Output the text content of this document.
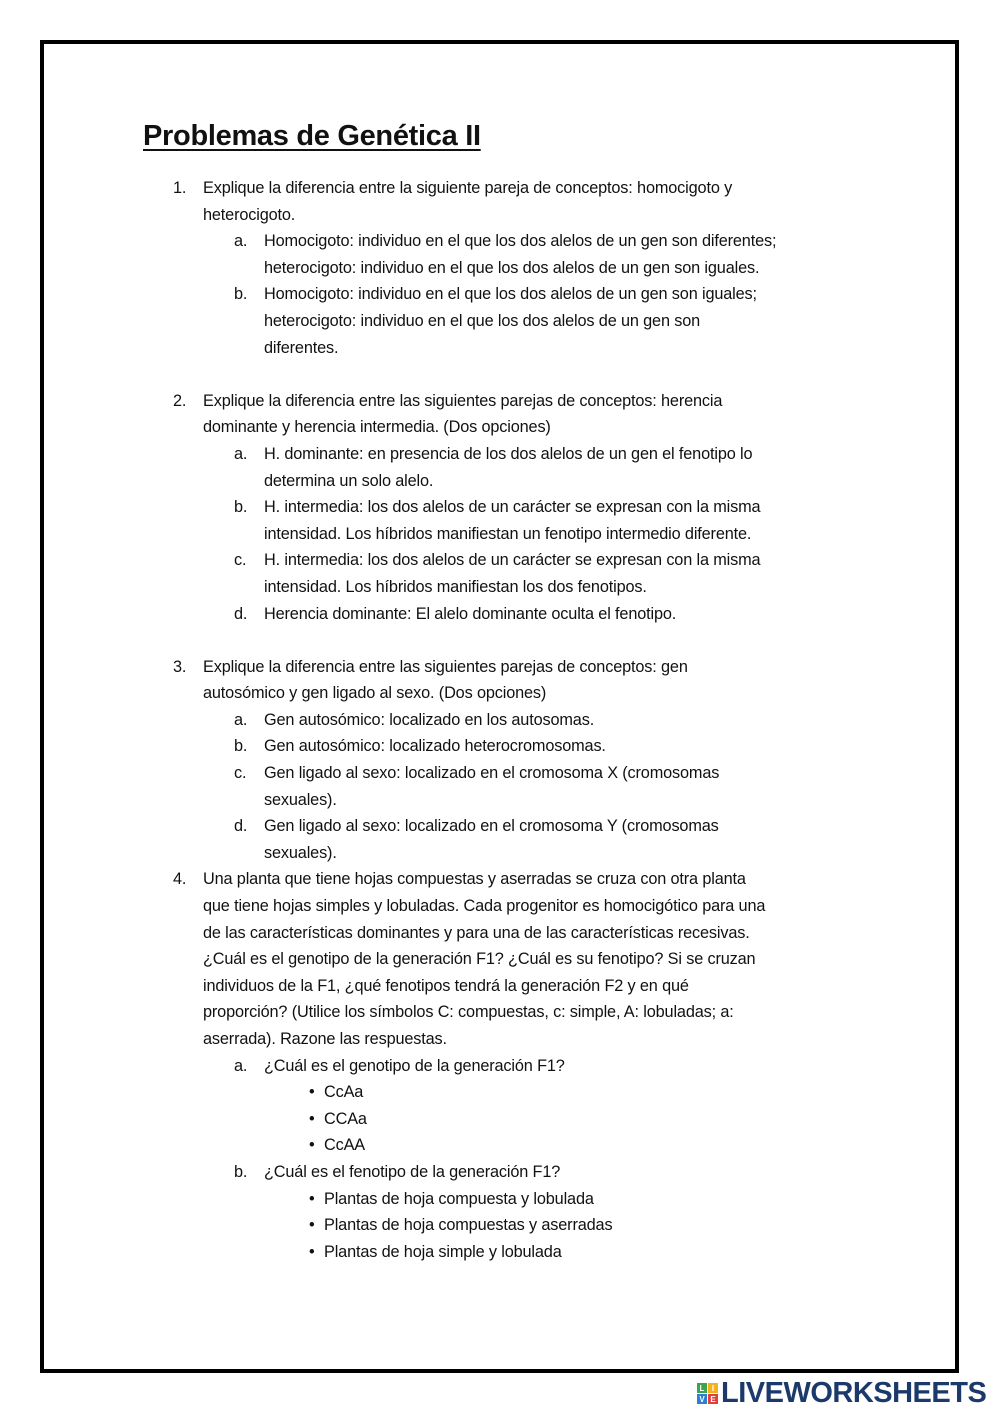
Problemas de Genética II
1. Explique la diferencia entre la siguiente pareja de conceptos: homocigoto y
heterocigoto.
a. Homocigoto: individuo en el que los dos alelos de un gen son diferentes;
heterocigoto: individuo en el que los dos alelos de un gen son iguales.
b. Homocigoto: individuo en el que los dos alelos de un gen son iguales;
heterocigoto: individuo en el que los dos alelos de un gen son
diferentes.
2. Explique la diferencia entre las siguientes parejas de conceptos: herencia
dominante y herencia intermedia. (Dos opciones)
a. H. dominante: en presencia de los dos alelos de un gen el fenotipo lo
determina un solo alelo.
b. H. intermedia: los dos alelos de un carácter se expresan con la misma
intensidad. Los híbridos manifiestan un fenotipo intermedio diferente.
c. H. intermedia: los dos alelos de un carácter se expresan con la misma
intensidad. Los híbridos manifiestan los dos fenotipos.
d. Herencia dominante: El alelo dominante oculta el fenotipo.
3. Explique la diferencia entre las siguientes parejas de conceptos: gen
autosómico y gen ligado al sexo. (Dos opciones)
a. Gen autosómico: localizado en los autosomas.
b. Gen autosómico: localizado heterocromosomas.
c. Gen ligado al sexo: localizado en el cromosoma X (cromosomas
sexuales).
d. Gen ligado al sexo: localizado en el cromosoma Y (cromosomas
sexuales).
4. Una planta que tiene hojas compuestas y aserradas se cruza con otra planta
que tiene hojas simples y lobuladas. Cada progenitor es homocigótico para una
de las características dominantes y para una de las características recesivas.
¿Cuál es el genotipo de la generación F1? ¿Cuál es su fenotipo? Si se cruzan
individuos de la F1, ¿qué fenotipos tendrá la generación F2 y en qué
proporción? (Utilice los símbolos C: compuestas, c: simple, A: lobuladas; a:
aserrada). Razone las respuestas.
a. ¿Cuál es el genotipo de la generación F1?
• CcAa
• CCAa
• CcAA
b. ¿Cuál es el fenotipo de la generación F1?
• Plantas de hoja compuesta y lobulada
• Plantas de hoja compuestas y aserradas
• Plantas de hoja simple y lobulada
L I
V E LIVEWORKSHEETS
